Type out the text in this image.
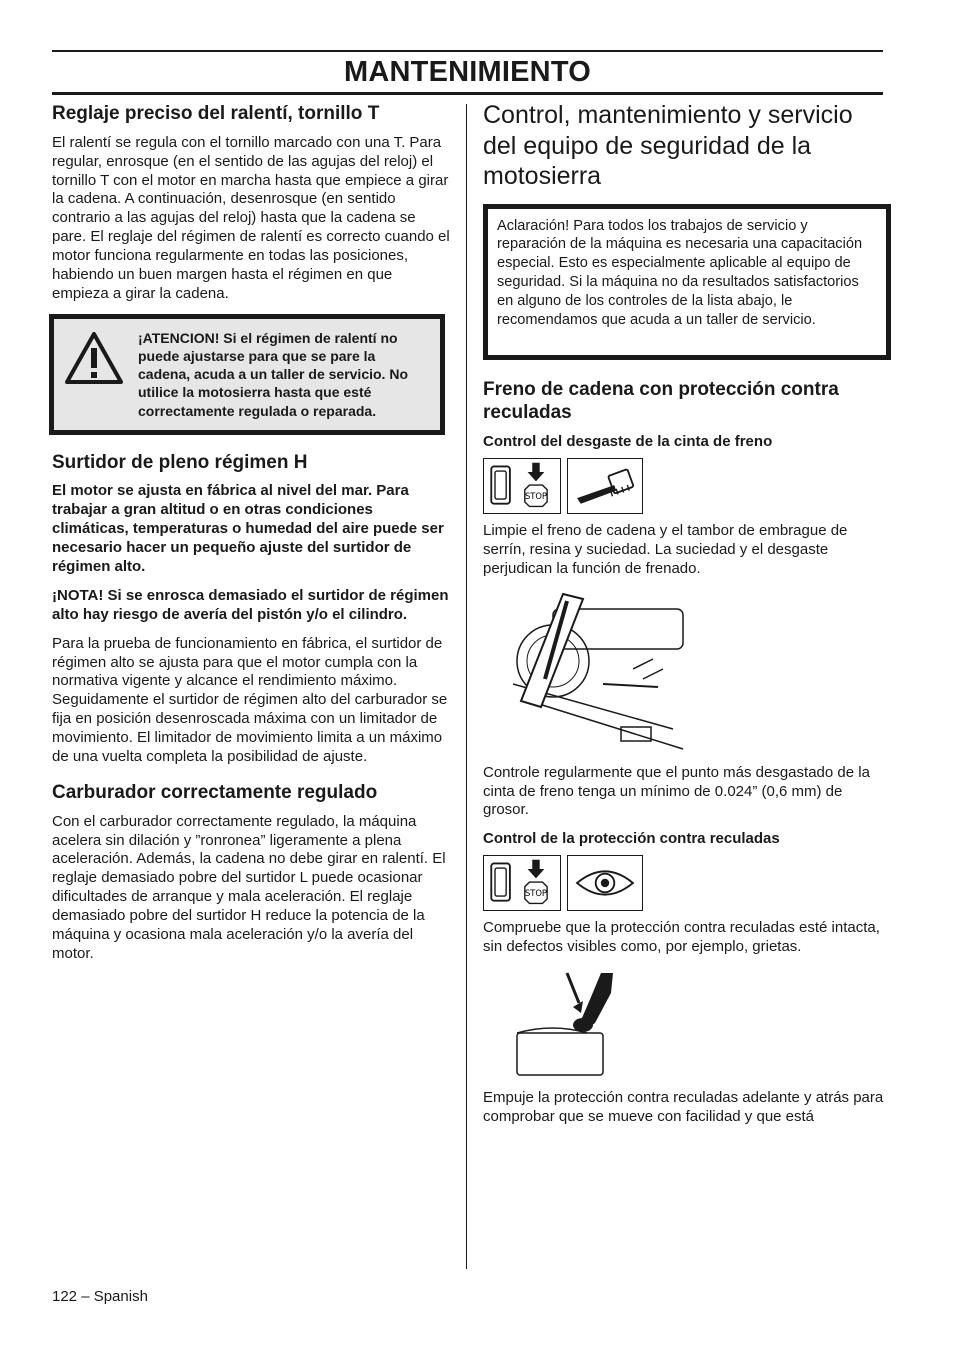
MANTENIMIENTO
Reglaje preciso del ralentí, tornillo T

El ralentí se regula con el tornillo marcado con una T. Para regular, enrosque (en el sentido de las agujas del reloj) el tornillo T con el motor en marcha hasta que empiece a girar la cadena. A continuación, desenrosque (en sentido contrario a las agujas del reloj) hasta que la cadena se pare. El reglaje del régimen de ralentí es correcto cuando el motor funciona regularmente en todas las posiciones, habiendo un buen margen hasta el régimen en que empieza a girar la cadena.

¡ATENCION! Si el régimen de ralentí no puede ajustarse para que se pare la cadena, acuda a un taller de servicio. No utilice la motosierra hasta que esté correctamente regulada o reparada.

Surtidor de pleno régimen H

El motor se ajusta en fábrica al nivel del mar. Para trabajar a gran altitud o en otras condiciones climáticas, temperaturas o humedad del aire puede ser necesario hacer un pequeño ajuste del surtidor de régimen alto.

¡NOTA! Si se enrosca demasiado el surtidor de régimen alto hay riesgo de avería del pistón y/o el cilindro.

Para la prueba de funcionamiento en fábrica, el surtidor de régimen alto se ajusta para que el motor cumpla con la normativa vigente y alcance el rendimiento máximo. Seguidamente el surtidor de régimen alto del carburador se fija en posición desenroscada máxima con un limitador de movimiento. El limitador de movimiento limita a un máximo de una vuelta completa la posibilidad de ajuste.

Carburador correctamente regulado

Con el carburador correctamente regulado, la máquina acelera sin dilación y ”ronronea” ligeramente a plena aceleración. Además, la cadena no debe girar en ralentí. El reglaje demasiado pobre del surtidor L puede ocasionar dificultades de arranque y mala aceleración. El reglaje demasiado pobre del surtidor H reduce la potencia de la máquina y ocasiona mala aceleración y/o la avería del motor.

Control, mantenimiento y servicio del equipo de seguridad de la motosierra

Aclaración! Para todos los trabajos de servicio y reparación de la máquina es necesaria una capacitación especial. Esto es especialmente aplicable al equipo de seguridad. Si la máquina no da resultados satisfactorios en alguno de los controles de la lista abajo, le recomendamos que acuda a un taller de servicio.

Freno de cadena con protección contra reculadas
Control del desgaste de la cinta de freno
STOP

Limpie el freno de cadena y el tambor de embrague de serrín, resina y suciedad. La suciedad y el desgaste perjudican la función de frenado.

Controle regularmente que el punto más desgastado de la cinta de freno tenga un mínimo de 0.024” (0,6 mm) de grosor.

Control de la protección contra reculadas
STOP

Compruebe que la protección contra reculadas esté intacta, sin defectos visibles como, por ejemplo, grietas.

Empuje la protección contra reculadas adelante y atrás para comprobar que se mueve con facilidad y que está

122 – Spanish
